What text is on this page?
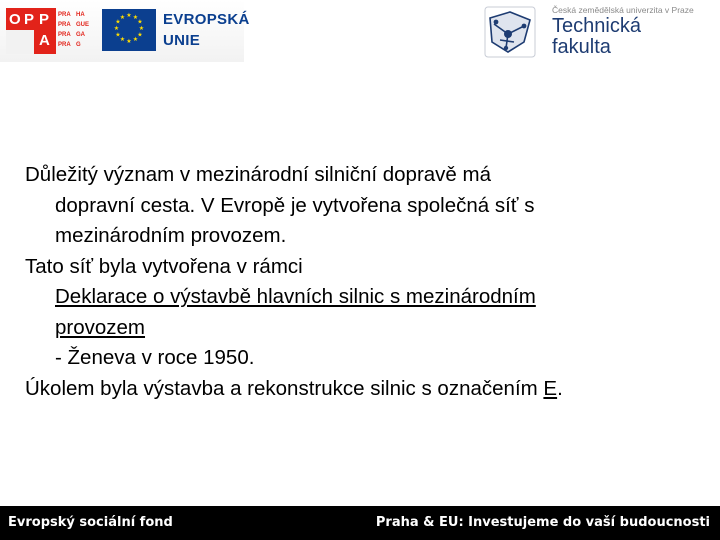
O P P
A
PRA HA
PRA GUE
PRA GA
PRA G
★ ★
★
★
★
★
★
★
★
★
★
★	EVROPSKÁ
UNIE
Česká zemědělská univerzita v Praze
Technická
fakulta
Důležitý význam v mezinárodní silniční dopravě má
dopravní cesta. V Evropě je vytvořena společná síť s
mezinárodním provozem.
Tato síť byla vytvořena v rámci
Deklarace o výstavbě hlavních silnic s mezinárodním
provozem
- Ženeva v roce 1950.
Úkolem byla výstavba a rekonstrukce silnic s označením E.
Evropský sociální fond	Praha & EU: Investujeme do vaší budoucnosti
